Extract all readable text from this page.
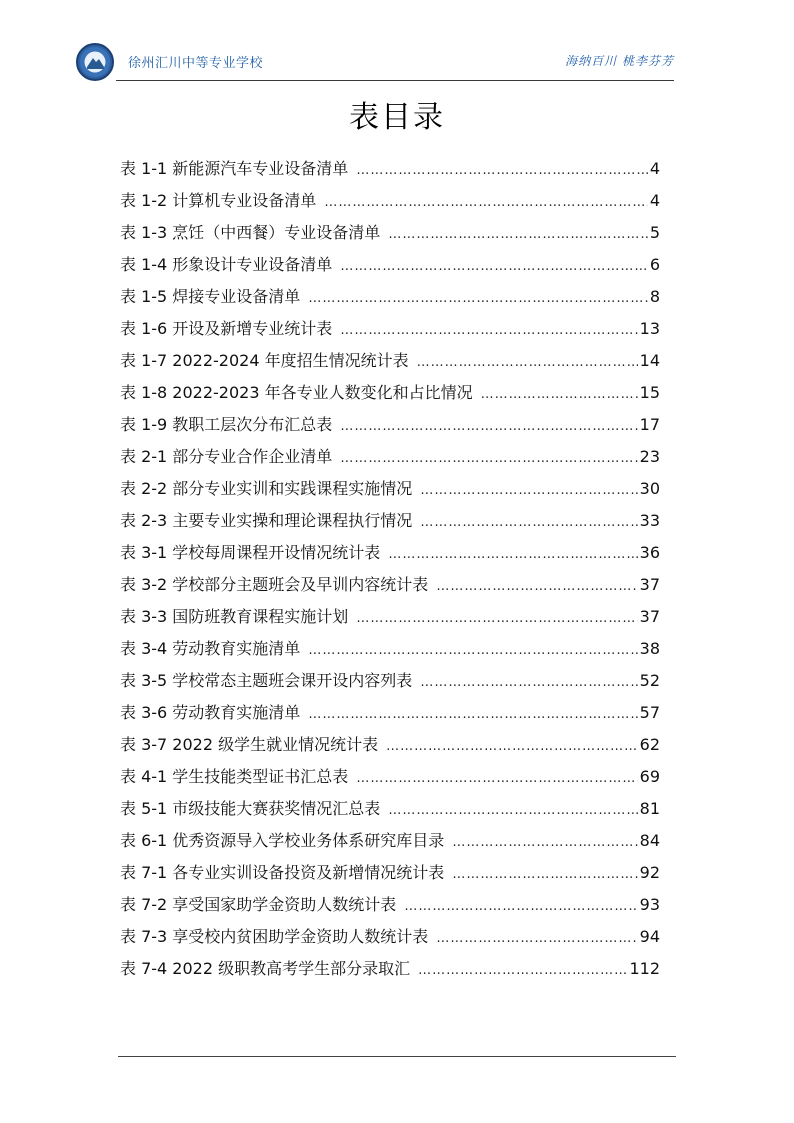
徐州汇川中等专业学校	海纳百川 桃李芬芳
表目录
表 1-1 新能源汽车专业设备清单 ……………………………………………………………………………………………………………………	4
表 1-2 计算机专业设备清单 ……………………………………………………………………………………………………………………	4
表 1-3 烹饪（中西餐）专业设备清单 ……………………………………………………………………………………………………………………	5
表 1-4 形象设计专业设备清单 ……………………………………………………………………………………………………………………	6
表 1-5 焊接专业设备清单 ……………………………………………………………………………………………………………………	8
表 1-6 开设及新增专业统计表 ……………………………………………………………………………………………………………………	13
表 1-7 2022-2024 年度招生情况统计表 ……………………………………………………………………………………………………………………	14
表 1-8 2022-2023 年各专业人数变化和占比情况 ……………………………………………………………………………………………………………………	15
表 1-9 教职工层次分布汇总表 ……………………………………………………………………………………………………………………	17
表 2-1 部分专业合作企业清单 ……………………………………………………………………………………………………………………	23
表 2-2 部分专业实训和实践课程实施情况 ……………………………………………………………………………………………………………………	30
表 2-3 主要专业实操和理论课程执行情况 ……………………………………………………………………………………………………………………	33
表 3-1 学校每周课程开设情况统计表 ……………………………………………………………………………………………………………………	36
表 3-2 学校部分主题班会及早训内容统计表 ……………………………………………………………………………………………………………………	37
表 3-3 国防班教育课程实施计划 ……………………………………………………………………………………………………………………	37
表 3-4 劳动教育实施清单 ……………………………………………………………………………………………………………………	38
表 3-5 学校常态主题班会课开设内容列表 ……………………………………………………………………………………………………………………	52
表 3-6 劳动教育实施清单 ……………………………………………………………………………………………………………………	57
表 3-7 2022 级学生就业情况统计表 ……………………………………………………………………………………………………………………	62
表 4-1 学生技能类型证书汇总表 ……………………………………………………………………………………………………………………	69
表 5-1 市级技能大赛获奖情况汇总表 ……………………………………………………………………………………………………………………	81
表 6-1 优秀资源导入学校业务体系研究库目录 ……………………………………………………………………………………………………………………	84
表 7-1 各专业实训设备投资及新增情况统计表 ……………………………………………………………………………………………………………………	92
表 7-2 享受国家助学金资助人数统计表 ……………………………………………………………………………………………………………………	93
表 7-3 享受校内贫困助学金资助人数统计表 ……………………………………………………………………………………………………………………	94
表 7-4 2022 级职教高考学生部分录取汇 ……………………………………………………………………………………………………………………	112
